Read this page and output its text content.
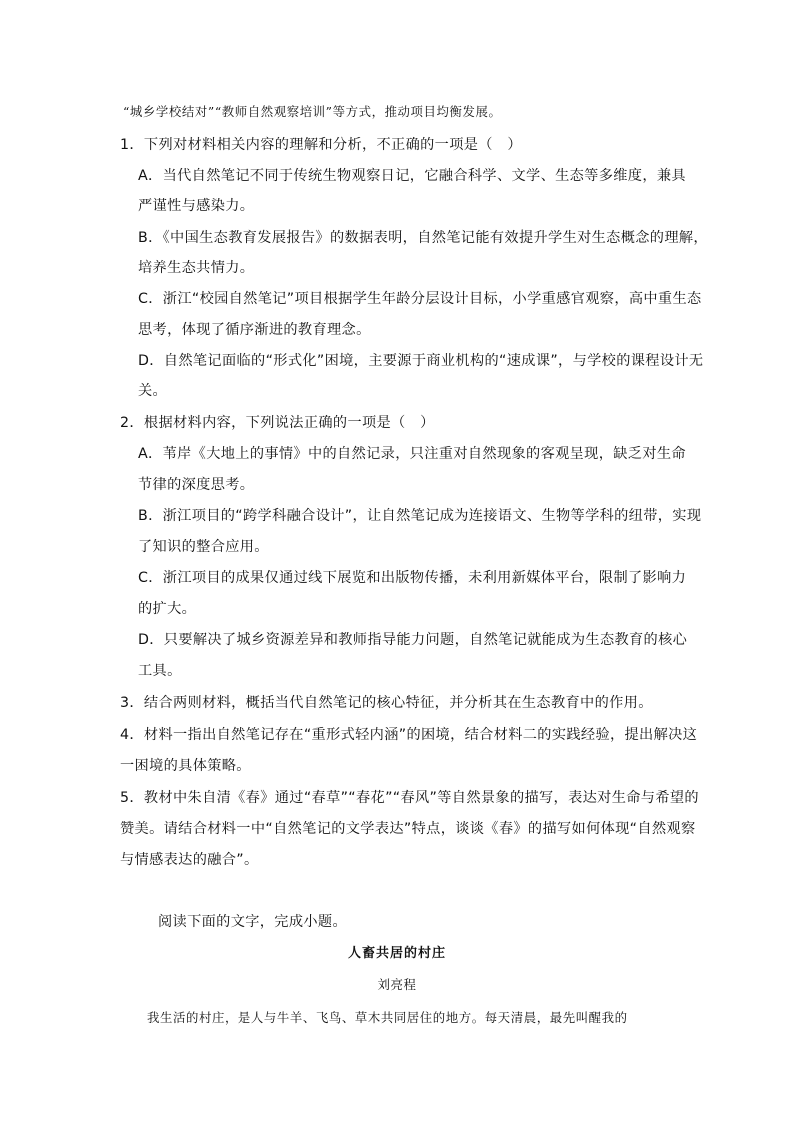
“城乡学校结对”“教师自然观察培训”等方式，推动项目均衡发展。
1．下列对材料相关内容的理解和分析，不正确的一项是（　）
A．当代自然笔记不同于传统生物观察日记，它融合科学、文学、生态等多维度，兼具
严谨性与感染力。
B．《中国生态教育发展报告》的数据表明，自然笔记能有效提升学生对生态概念的理解，
培养生态共情力。
C．浙江“校园自然笔记”项目根据学生年龄分层设计目标，小学重感官观察，高中重生态
思考，体现了循序渐进的教育理念。
D．自然笔记面临的“形式化”困境，主要源于商业机构的“速成课”，与学校的课程设计无
关。
2．根据材料内容，下列说法正确的一项是（　）
A．苇岸《大地上的事情》中的自然记录，只注重对自然现象的客观呈现，缺乏对生命
节律的深度思考。
B．浙江项目的“跨学科融合设计”，让自然笔记成为连接语文、生物等学科的纽带，实现
了知识的整合应用。
C．浙江项目的成果仅通过线下展览和出版物传播，未利用新媒体平台，限制了影响力
的扩大。
D．只要解决了城乡资源差异和教师指导能力问题，自然笔记就能成为生态教育的核心
工具。
3．结合两则材料，概括当代自然笔记的核心特征，并分析其在生态教育中的作用。
4．材料一指出自然笔记存在“重形式轻内涵”的困境，结合材料二的实践经验，提出解决这
一困境的具体策略。
5．教材中朱自清《春》通过“春草”“春花”“春风”等自然景象的描写，表达对生命与希望的
赞美。请结合材料一中“自然笔记的文学表达”特点，谈谈《春》的描写如何体现“自然观察
与情感表达的融合”。
阅读下面的文字，完成小题。
人畜共居的村庄
刘亮程
我生活的村庄，是人与牛羊、飞鸟、草木共同居住的地方。每天清晨，最先叫醒我的
